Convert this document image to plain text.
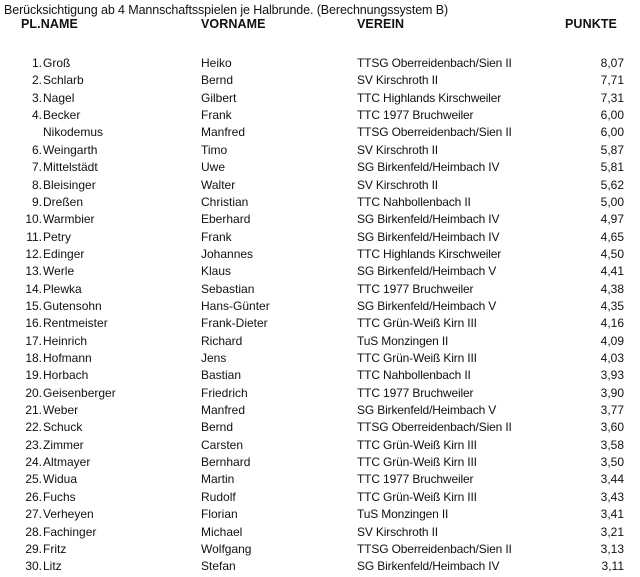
Berücksichtigung ab 4 Mannschaftsspielen je Halbrunde. (Berechnungssystem B)
PL.NAME	VORNAME	VEREIN	PUNKTE
1. Groß	Heiko	TTSG Oberreidenbach/Sien II	8,07
2. Schlarb	Bernd	SV Kirschroth II	7,71
3. Nagel	Gilbert	TTC Highlands Kirschweiler	7,31
4. Becker	Frank	TTC 1977 Bruchweiler	6,00
Nikodemus	Manfred	TTSG Oberreidenbach/Sien II	6,00
6. Weingarth	Timo	SV Kirschroth II	5,87
7. Mittelstädt	Uwe	SG Birkenfeld/Heimbach IV	5,81
8. Bleisinger	Walter	SV Kirschroth II	5,62
9. Dreßen	Christian	TTC Nahbollenbach II	5,00
10. Warmbier	Eberhard	SG Birkenfeld/Heimbach IV	4,97
11. Petry	Frank	SG Birkenfeld/Heimbach IV	4,65
12. Edinger	Johannes	TTC Highlands Kirschweiler	4,50
13. Werle	Klaus	SG Birkenfeld/Heimbach V	4,41
14. Plewka	Sebastian	TTC 1977 Bruchweiler	4,38
15. Gutensohn	Hans-Günter	SG Birkenfeld/Heimbach V	4,35
16. Rentmeister	Frank-Dieter	TTC Grün-Weiß Kirn III	4,16
17. Heinrich	Richard	TuS Monzingen II	4,09
18. Hofmann	Jens	TTC Grün-Weiß Kirn III	4,03
19. Horbach	Bastian	TTC Nahbollenbach II	3,93
20. Geisenberger	Friedrich	TTC 1977 Bruchweiler	3,90
21. Weber	Manfred	SG Birkenfeld/Heimbach V	3,77
22. Schuck	Bernd	TTSG Oberreidenbach/Sien II	3,60
23. Zimmer	Carsten	TTC Grün-Weiß Kirn III	3,58
24. Altmayer	Bernhard	TTC Grün-Weiß Kirn III	3,50
25. Widua	Martin	TTC 1977 Bruchweiler	3,44
26. Fuchs	Rudolf	TTC Grün-Weiß Kirn III	3,43
27. Verheyen	Florian	TuS Monzingen II	3,41
28. Fachinger	Michael	SV Kirschroth II	3,21
29. Fritz	Wolfgang	TTSG Oberreidenbach/Sien II	3,13
30. Litz	Stefan	SG Birkenfeld/Heimbach IV	3,11
